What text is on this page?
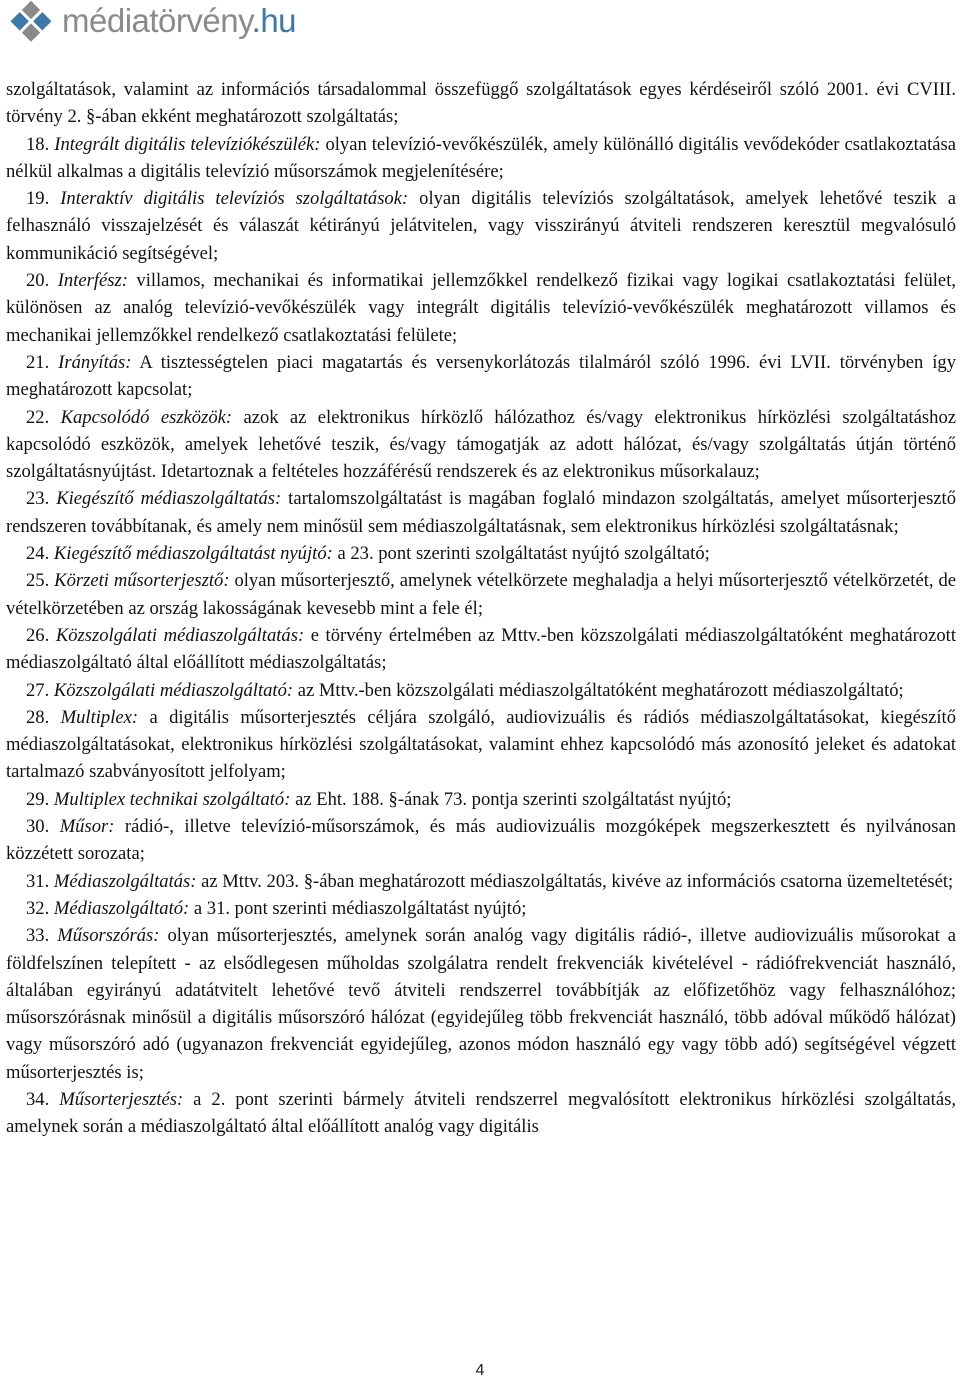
médiatörvény.hu

szolgáltatások, valamint az információs társadalommal összefüggő szolgáltatások egyes kérdéseiről szóló 2001. évi CVIII. törvény 2. §-ában ekként meghatározott szolgáltatás;

18. Integrált digitális televíziókészülék: olyan televízió-vevőkészülék, amely különálló digitális vevődekóder csatlakoztatása nélkül alkalmas a digitális televízió műsorszámok megjelenítésére;

19. Interaktív digitális televíziós szolgáltatások: olyan digitális televíziós szolgáltatások, amelyek lehetővé teszik a felhasználó visszajelzését és válaszát kétirányú jelátvitelen, vagy visszirányú átviteli rendszeren keresztül megvalósuló kommunikáció segítségével;

20. Interfész: villamos, mechanikai és informatikai jellemzőkkel rendelkező fizikai vagy logikai csatlakoztatási felület, különösen az analóg televízió-vevőkészülék vagy integrált digitális televízió-vevőkészülék meghatározott villamos és mechanikai jellemzőkkel rendelkező csatlakoztatási felülete;

21. Irányítás: A tisztességtelen piaci magatartás és versenykorlátozás tilalmáról szóló 1996. évi LVII. törvényben így meghatározott kapcsolat;

22. Kapcsolódó eszközök: azok az elektronikus hírközlő hálózathoz és/vagy elektronikus hírközlési szolgáltatáshoz kapcsolódó eszközök, amelyek lehetővé teszik, és/vagy támogatják az adott hálózat, és/vagy szolgáltatás útján történő szolgáltatásnyújtást. Idetartoznak a feltételes hozzáférésű rendszerek és az elektronikus műsorkalauz;

23. Kiegészítő médiaszolgáltatás: tartalomszolgáltatást is magában foglaló mindazon szolgáltatás, amelyet műsorterjesztő rendszeren továbbítanak, és amely nem minősül sem médiaszolgáltatásnak, sem elektronikus hírközlési szolgáltatásnak;

24. Kiegészítő médiaszolgáltatást nyújtó: a 23. pont szerinti szolgáltatást nyújtó szolgáltató;

25. Körzeti műsorterjesztő: olyan műsorterjesztő, amelynek vételkörzete meghaladja a helyi műsorterjesztő vételkörzetét, de vételkörzetében az ország lakosságának kevesebb mint a fele él;

26. Közszolgálati médiaszolgáltatás: e törvény értelmében az Mttv.-ben közszolgálati médiaszolgáltatóként meghatározott médiaszolgáltató által előállított médiaszolgáltatás;

27. Közszolgálati médiaszolgáltató: az Mttv.-ben közszolgálati médiaszolgáltatóként meghatározott médiaszolgáltató;

28. Multiplex: a digitális műsorterjesztés céljára szolgáló, audiovizuális és rádiós médiaszolgáltatásokat, kiegészítő médiaszolgáltatásokat, elektronikus hírközlési szolgáltatásokat, valamint ehhez kapcsolódó más azonosító jeleket és adatokat tartalmazó szabványosított jelfolyam;

29. Multiplex technikai szolgáltató: az Eht. 188. §-ának 73. pontja szerinti szolgáltatást nyújtó;

30. Műsor: rádió-, illetve televízió-műsorszámok, és más audiovizuális mozgóképek megszerkesztett és nyilvánosan közzétett sorozata;

31. Médiaszolgáltatás: az Mttv. 203. §-ában meghatározott médiaszolgáltatás, kivéve az információs csatorna üzemeltetését;

32. Médiaszolgáltató: a 31. pont szerinti médiaszolgáltatást nyújtó;

33. Műsorszórás: olyan műsorterjesztés, amelynek során analóg vagy digitális rádió-, illetve audiovizuális műsorokat a földfelszínen telepített - az elsődlegesen műholdas szolgálatra rendelt frekvenciák kivételével - rádiófrekvenciát használó, általában egyirányú adatátvitelt lehetővé tevő átviteli rendszerrel továbbítják az előfizetőhöz vagy felhasználóhoz; műsorszórásnak minősül a digitális műsorszóró hálózat (egyidejűleg több frekvenciát használó, több adóval működő hálózat) vagy műsorszóró adó (ugyanazon frekvenciát egyidejűleg, azonos módon használó egy vagy több adó) segítségével végzett műsorterjesztés is;

34. Műsorterjesztés: a 2. pont szerinti bármely átviteli rendszerrel megvalósított elektronikus hírközlési szolgáltatás, amelynek során a médiaszolgáltató által előállított analóg vagy digitális

4
